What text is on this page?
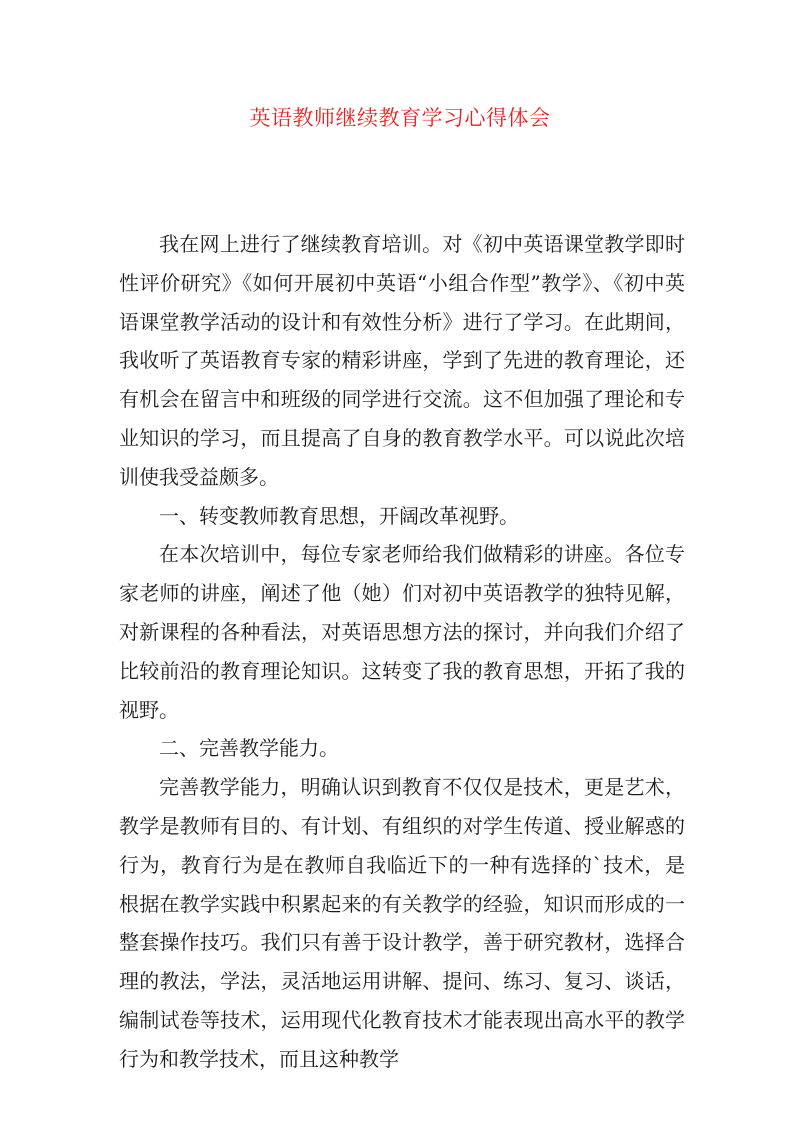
英语教师继续教育学习心得体会

我在网上进行了继续教育培训。对《初中英语课堂教学即时性评价研究》《如何开展初中英语“小组合作型”教学》、《初中英语课堂教学活动的设计和有效性分析》进行了学习。在此期间，我收听了英语教育专家的精彩讲座，学到了先进的教育理论，还有机会在留言中和班级的同学进行交流。这不但加强了理论和专业知识的学习，而且提高了自身的教育教学水平。可以说此次培训使我受益颇多。

一、转变教师教育思想，开阔改革视野。

在本次培训中，每位专家老师给我们做精彩的讲座。各位专家老师的讲座，阐述了他（她）们对初中英语教学的独特见解，对新课程的各种看法，对英语思想方法的探讨，并向我们介绍了比较前沿的教育理论知识。这转变了我的教育思想，开拓了我的视野。

二、完善教学能力。

完善教学能力，明确认识到教育不仅仅是技术，更是艺术，教学是教师有目的、有计划、有组织的对学生传道、授业解惑的行为，教育行为是在教师自我临近下的一种有选择的`技术，是根据在教学实践中积累起来的有关教学的经验，知识而形成的一整套操作技巧。我们只有善于设计教学，善于研究教材，选择合理的教法，学法，灵活地运用讲解、提问、练习、复习、谈话，编制试卷等技术，运用现代化教育技术才能表现出高水平的教学行为和教学技术，而且这种教学
